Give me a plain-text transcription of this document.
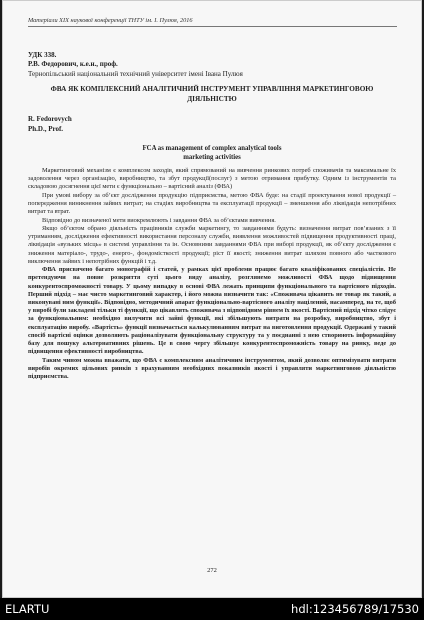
Матеріали XIX наукової конференції ТНТУ ім. І. Пулюя, 2016
УДК 338.
Р.В. Федорович, к.е.н., проф.
Тернопільський національний технічний університет імені Івана Пулюя
ФВА ЯК КОМПЛЕКСНИЙ АНАЛІТИЧНИЙ ІНСТРУМЕНТ УПРАВЛІННЯ МАРКЕТИНГОВОЮ ДІЯЛЬНІСТЮ
R. Fedorovych
Ph.D., Prof.
FCA as management of complex analytical tools
marketing activities

Маркетинговий механізм є комплексом заходів, який спрямований на вивчення ринкових потреб споживачів та максимальне їх задоволення через організацію, виробництво, та збут продукції(послуг) з метою отримання прибутку. Одним із інструментів та складовою досягнення цієї мети є функціонально – вартісний аналіз (ФВА)

При умові вибору за об’єкт дослідження продукцію підприємства, метою ФВА буде: на стадії проектування нової продукції – попередження виникнення зайвих витрат; на стадіях виробництва та експлуатації продукції – зменшення або ліквідація непотрібних витрат та втрат.

Відповідно до визначеної мети виокремлюють і завдання ФВА за об’єктами вивчення.

Якщо об’єктом обрано діяльність працівників служби маркетингу, то завданнями будуть: визначення витрат пов’язаних з її утриманням, дослідження ефективності використання персоналу служби, виявлення можливостей підвищення продуктивності праці, ліквідація «вузьких місць» в системі управління та ін. Основними завданнями ФВА при виборі продукції, як об’єкту дослідження є зниження матеріало-, трудо-, енерго-, фондомісткості продукції; ріст її якості; зниження витрат шляхом повного або часткового виключення зайвих і непотрібних функцій і т.д.

ФВА присвячено багато монографій і статей, у рамках цієї проблеми працює багато кваліфікованих спеціалістів. Не претендуючи на повне розкриття суті цього виду аналізу, розглянемо можливості ФВА щодо підвищення конкурентоспроможності товару. У цьому випадку в основі ФВА лежать принципи функціонального та вартісного підходів. Перший підхід – має чисто маркетинговий характер, і його можна визначити так: «Споживача цікавить не товар як такий, а виконувані ним функції». Відповідно, методичний апарат функціонально-вартісного аналізу націлений, насамперед, на те, щоб у виробі були закладені тільки ті функції, що цікавлять споживача з відповідним рівнем їх якості. Вартісний підхід чітко слідує за функціональним: необхідно вилучити всі зайві функції, які збільшують витрати на розробку, виробництво, збут і експлуатацію виробу. «Вартість» функції визначається калькулюванням витрат на виготовлення продукції. Одержані у такий спосіб вартісні оцінки дозволяють раціоналізувати функціональну структуру та у поєднанні з нею створюють інформаційну базу для пошуку альтернативних рішень. Це в свою чергу збільшує конкурентоспроможність товару на ринку, веде до підвищення ефективності виробництва.

Таким чином можна вважати, що ФВА є комплексним аналітичним інструментом, який дозволяє оптимізувати витрати виробів окремих цільових ринків з врахуванням необхідних показників якості і управляти маркетинговою діяльністю підприємства.

272
ELARTU	hdl:123456789/17530
